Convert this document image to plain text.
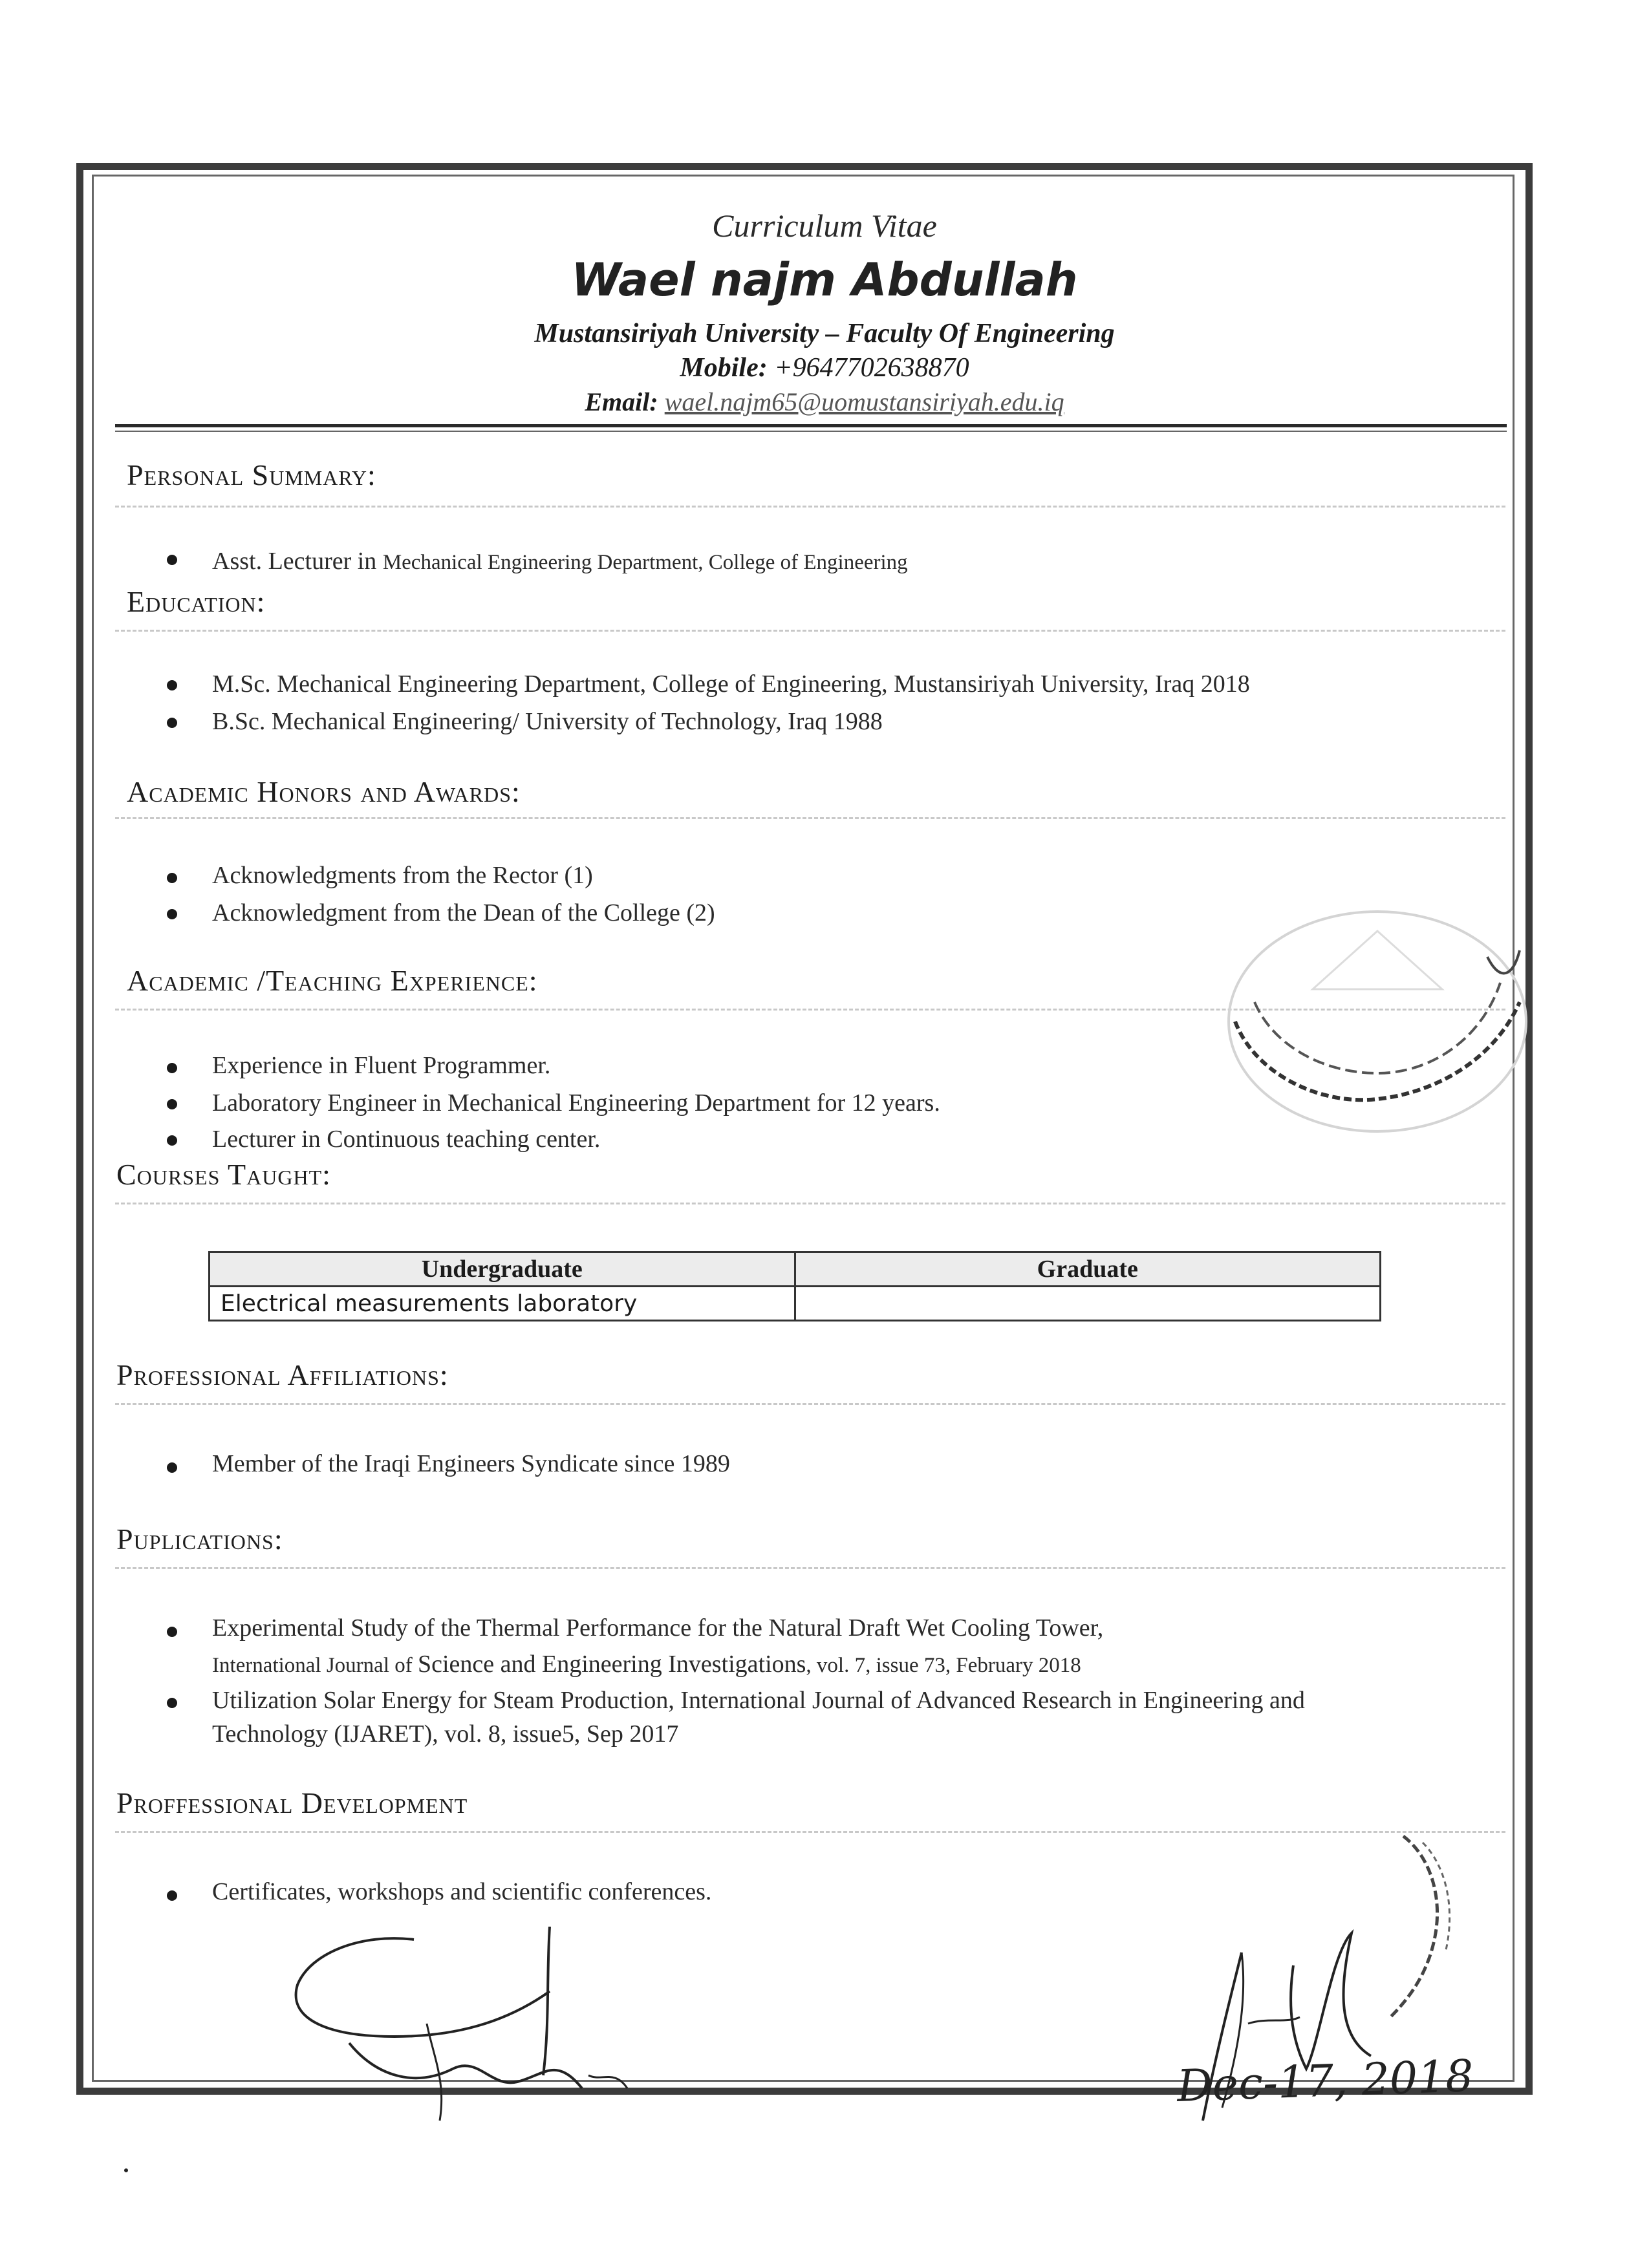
Curriculum Vitae
Wael najm Abdullah
Mustansiriyah University – Faculty Of Engineering
Mobile: +9647702638870
Email: wael.najm65@uomustansiriyah.edu.iq
Personal Summary:
Asst. Lecturer in Mechanical Engineering Department, College of Engineering
Education:
M.Sc. Mechanical Engineering Department, College of Engineering, Mustansiriyah University, Iraq 2018
B.Sc. Mechanical Engineering/ University of Technology, Iraq 1988
Academic Honors and Awards:
Acknowledgments from the Rector (1)
Acknowledgment from the Dean of the College (2)
Academic /Teaching Experience:
Experience in Fluent Programmer.
Laboratory Engineer in Mechanical Engineering Department for 12 years.
Lecturer in Continuous teaching center.
Courses Taught:
Undergraduate	Graduate
Electrical measurements laboratory	
Professional Affiliations:
Member of the Iraqi Engineers Syndicate since 1989
Puplications:
Experimental Study of the Thermal Performance for the Natural Draft Wet Cooling Tower,
International Journal of Science and Engineering Investigations, vol. 7, issue 73, February 2018
Utilization Solar Energy for Steam Production, International Journal of Advanced Research in Engineering and
Technology (IJARET), vol. 8, issue5, Sep 2017
Proffessional Development
Certificates, workshops and scientific conferences.
Dec-17, 2018
